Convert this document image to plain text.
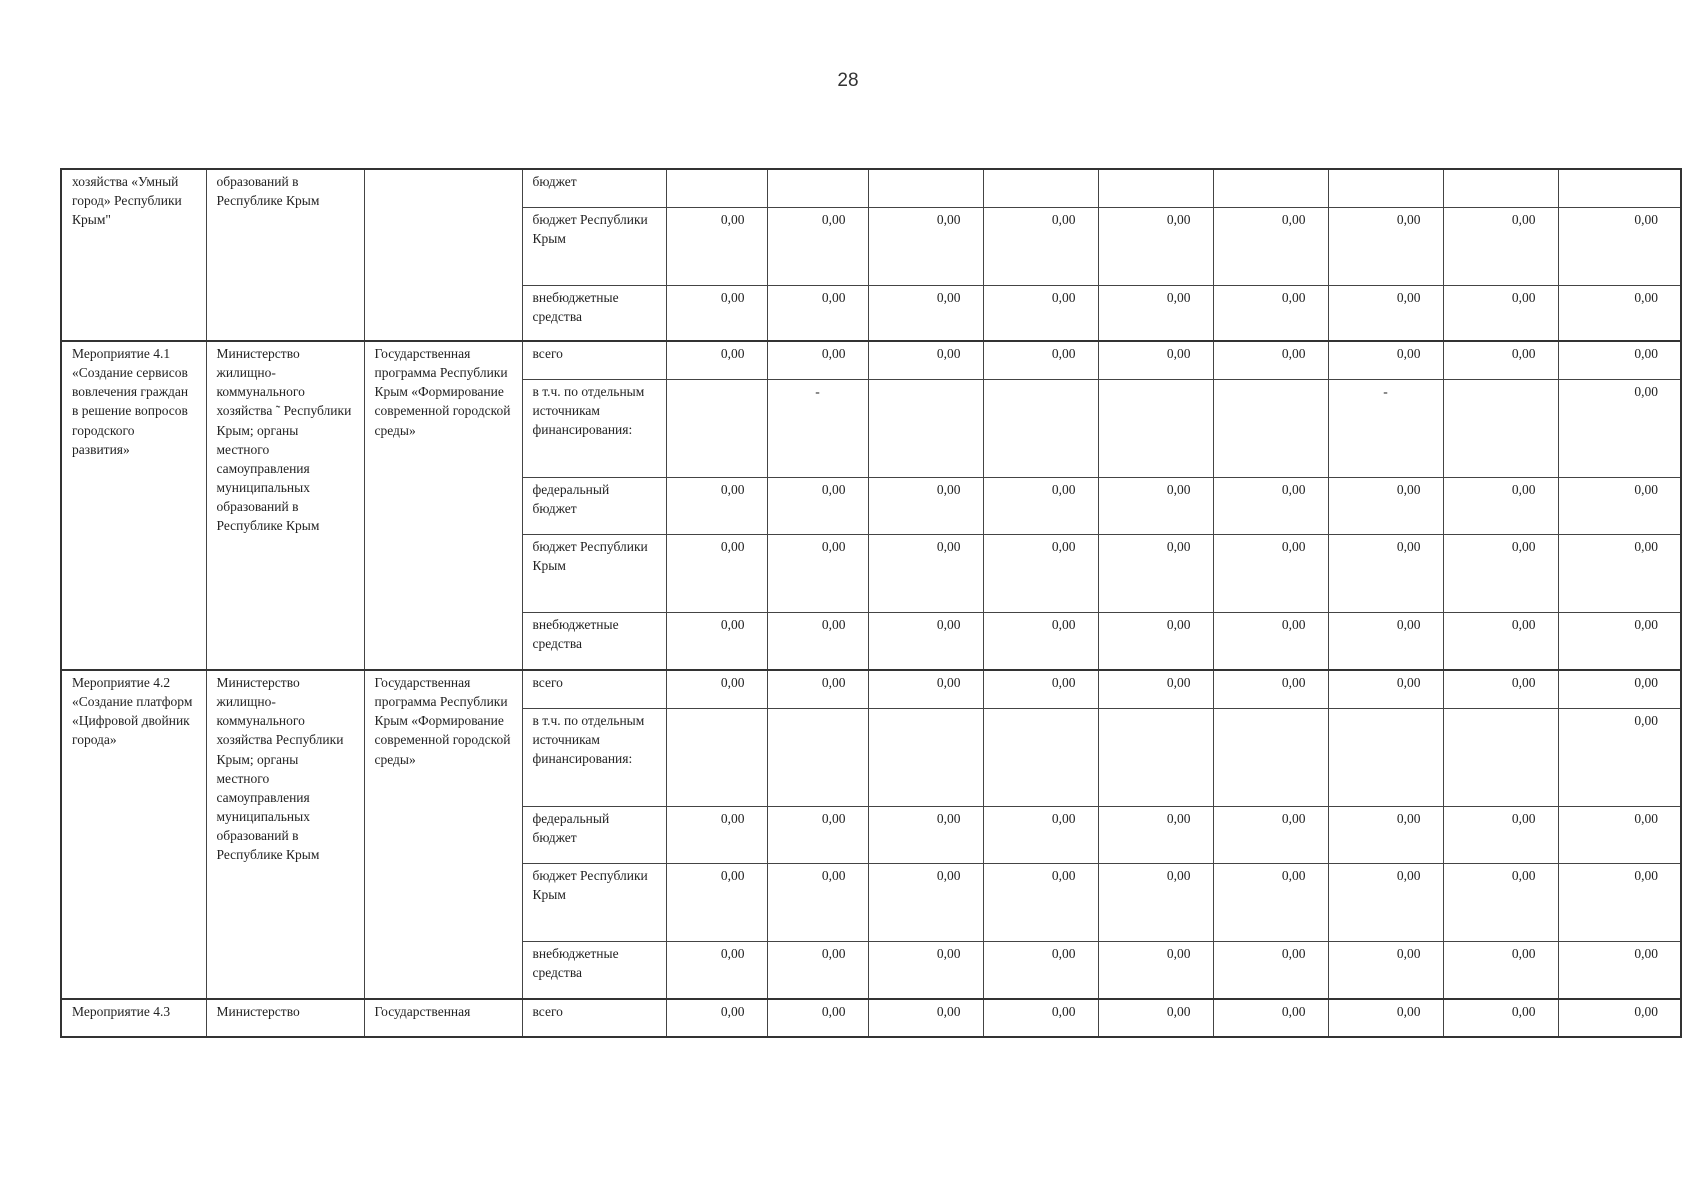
28
хозяйства «Умный город» Республики Крым"	образований в Республике Крым		бюджет									
			бюджет Республики Крым	0,00	0,00	0,00	0,00	0,00	0,00	0,00	0,00	0,00
			внебюджетные средства	0,00	0,00	0,00	0,00	0,00	0,00	0,00	0,00	0,00
Мероприятие 4.1 «Создание сервисов вовлечения граждан в решение вопросов городского развития»	Министерство жилищно-коммунального хозяйства ˜ Республики Крым; органы местного самоуправления муниципальных образований в Республике Крым	Государственная программа Республики Крым «Формирование современной городской среды»	всего	0,00	0,00	0,00	0,00	0,00	0,00	0,00	0,00	0,00
			в т.ч. по отдельным источникам финансирования:		-					-		0,00
			федеральный бюджет	0,00	0,00	0,00	0,00	0,00	0,00	0,00	0,00	0,00
			бюджет Республики Крым	0,00	0,00	0,00	0,00	0,00	0,00	0,00	0,00	0,00
			внебюджетные средства	0,00	0,00	0,00	0,00	0,00	0,00	0,00	0,00	0,00
Мероприятие 4.2 «Создание платформ «Цифровой двойник города»	Министерство жилищно-коммунального хозяйства Республики Крым; органы местного самоуправления муниципальных образований в Республике Крым	Государственная программа Республики Крым «Формирование современной городской среды»	всего	0,00	0,00	0,00	0,00	0,00	0,00	0,00	0,00	0,00
			в т.ч. по отдельным источникам финансирования:									0,00
			федеральный бюджет	0,00	0,00	0,00	0,00	0,00	0,00	0,00	0,00	0,00
			бюджет Республики Крым	0,00	0,00	0,00	0,00	0,00	0,00	0,00	0,00	0,00
			внебюджетные средства	0,00	0,00	0,00	0,00	0,00	0,00	0,00	0,00	0,00
Мероприятие 4.3	Министерство	Государственная	всего	0,00	0,00	0,00	0,00	0,00	0,00	0,00	0,00	0,00
